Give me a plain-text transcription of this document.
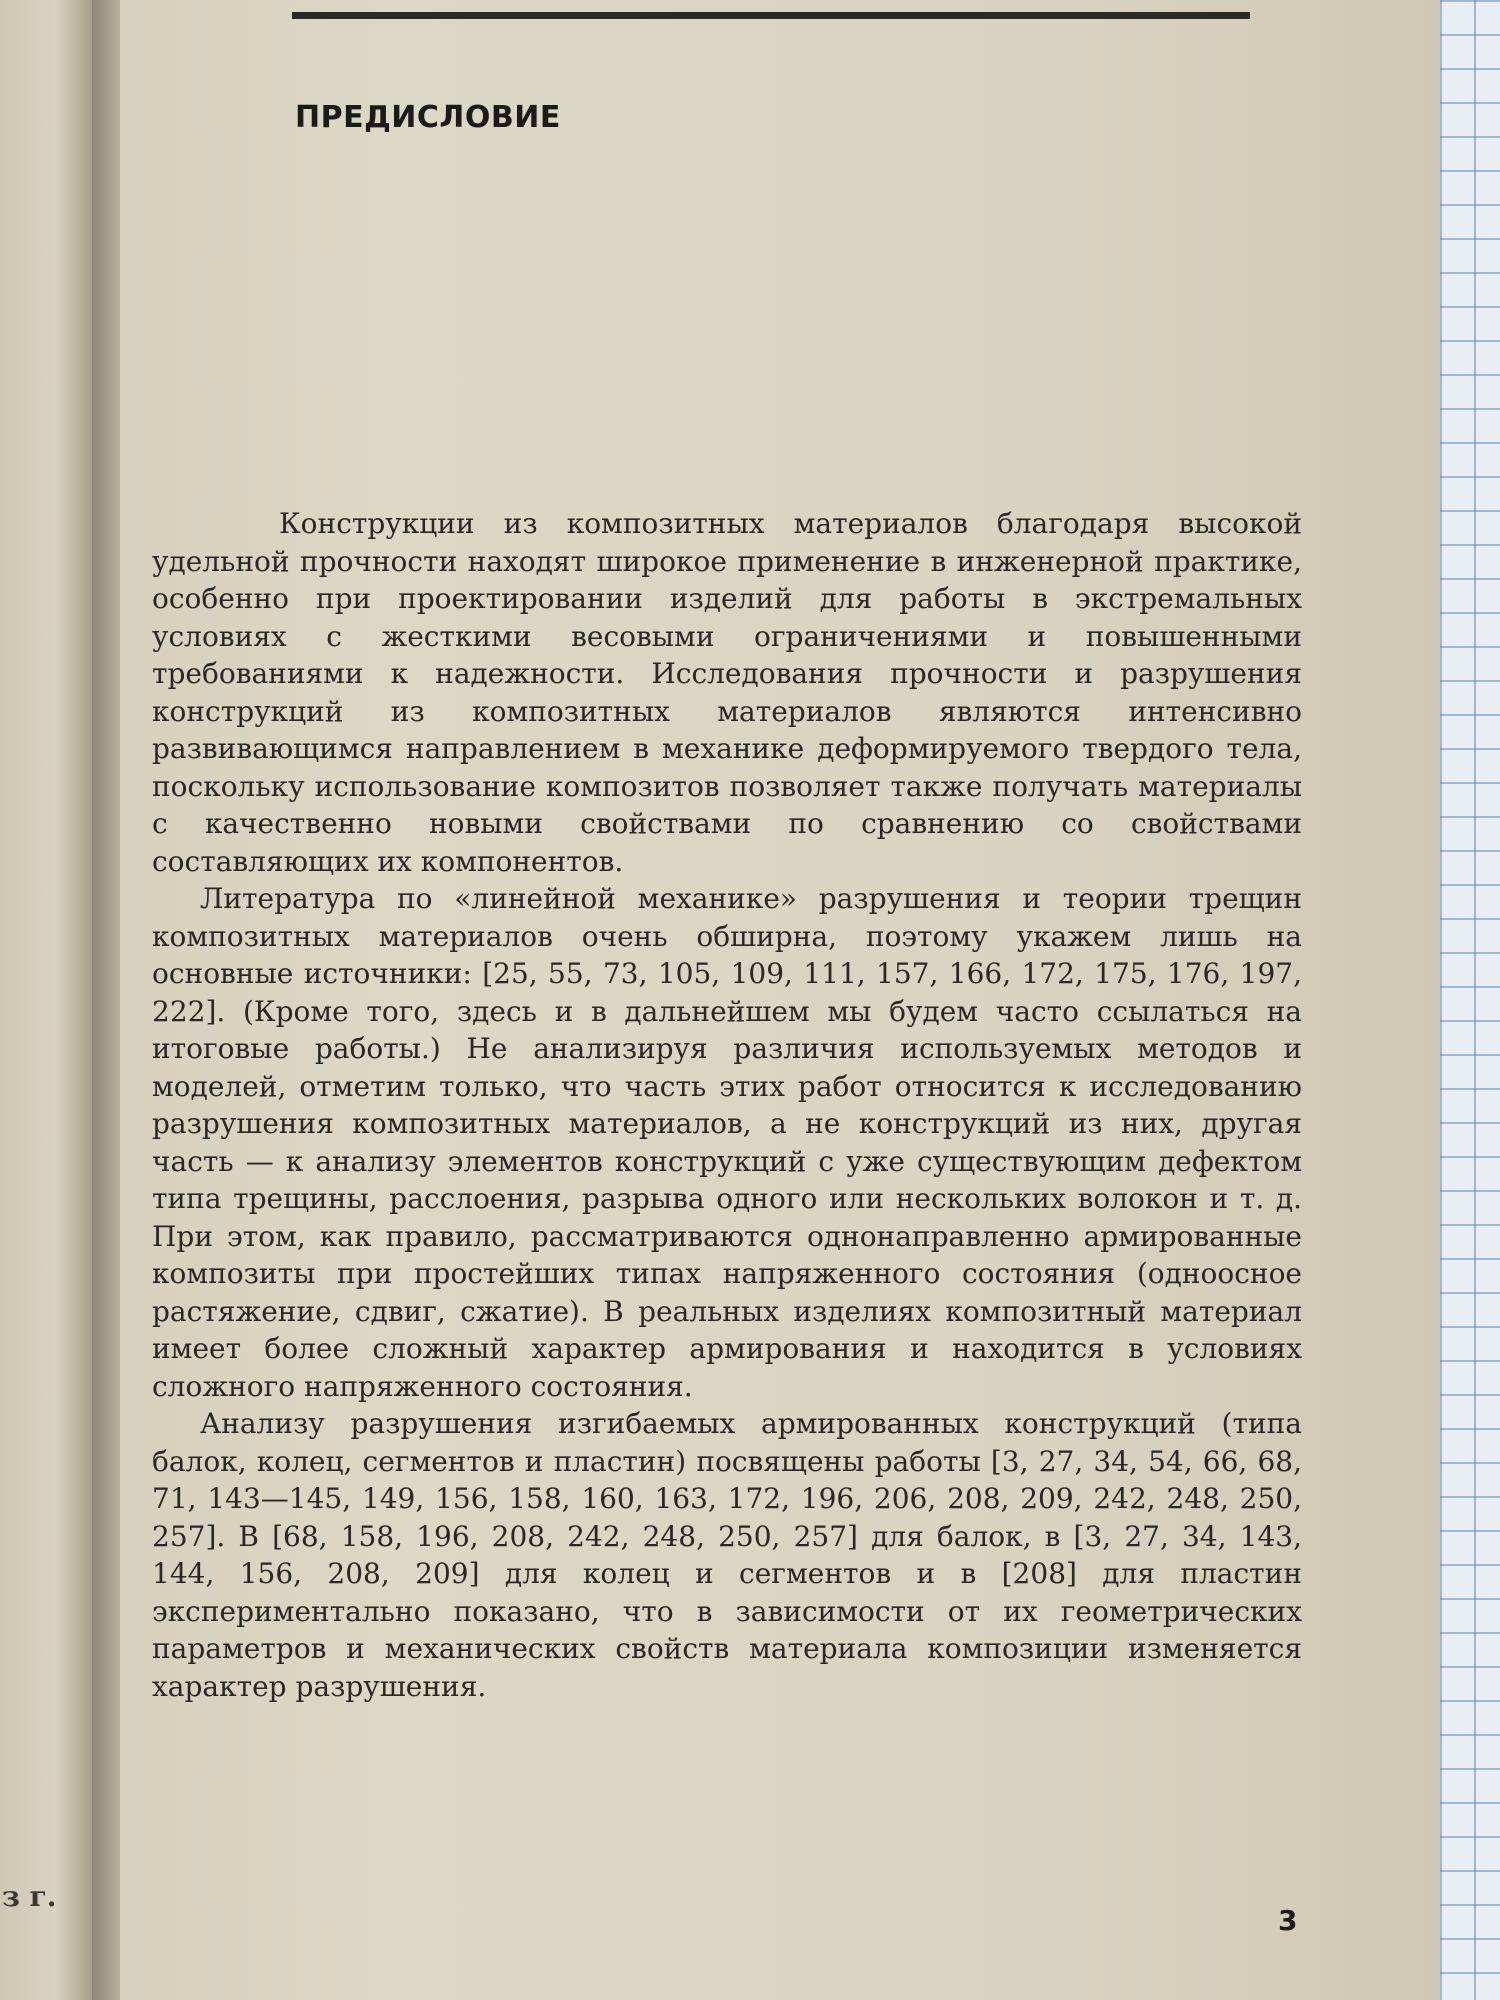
з г.
ПРЕДИСЛОВИЕ

Конструкции из композитных материалов благодаря высокой удельной прочности находят широкое применение в инженерной практике, особенно при проектировании изделий для работы в экстремальных условиях с жесткими весовыми ограничениями и повышенными требованиями к надежности. Исследования прочности и разрушения конструкций из композитных материалов являются интенсивно развивающимся направлением в механике деформируемого твердого тела, поскольку использование композитов позволяет также получать материалы с качественно новыми свойствами по сравнению со свойствами составляющих их компонентов.

Литература по «линейной механике» разрушения и теории трещин композитных материалов очень обширна, поэтому укажем лишь на основные источники: [25, 55, 73, 105, 109, 111, 157, 166, 172, 175, 176, 197, 222]. (Кроме того, здесь и в дальнейшем мы будем часто ссылаться на итоговые работы.) Не анализируя различия используемых методов и моделей, отметим только, что часть этих работ относится к исследованию разрушения композитных материалов, а не конструкций из них, другая часть — к анализу элементов конструкций с уже существующим дефектом типа трещины, расслоения, разрыва одного или нескольких волокон и т. д. При этом, как правило, рассматриваются однонаправленно армированные композиты при простейших типах напряженного состояния (одноосное растяжение, сдвиг, сжатие). В реальных изделиях композитный материал имеет более сложный характер армирования и находится в условиях сложного напряженного состояния.

Анализу разрушения изгибаемых армированных конструкций (типа балок, колец, сегментов и пластин) посвящены работы [3, 27, 34, 54, 66, 68, 71, 143—145, 149, 156, 158, 160, 163, 172, 196, 206, 208, 209, 242, 248, 250, 257]. В [68, 158, 196, 208, 242, 248, 250, 257] для балок, в [3, 27, 34, 143, 144, 156, 208, 209] для колец и сегментов и в [208] для пластин экспериментально показано, что в зависимости от их геометрических параметров и механических свойств материала композиции изменяется характер разрушения.

3
